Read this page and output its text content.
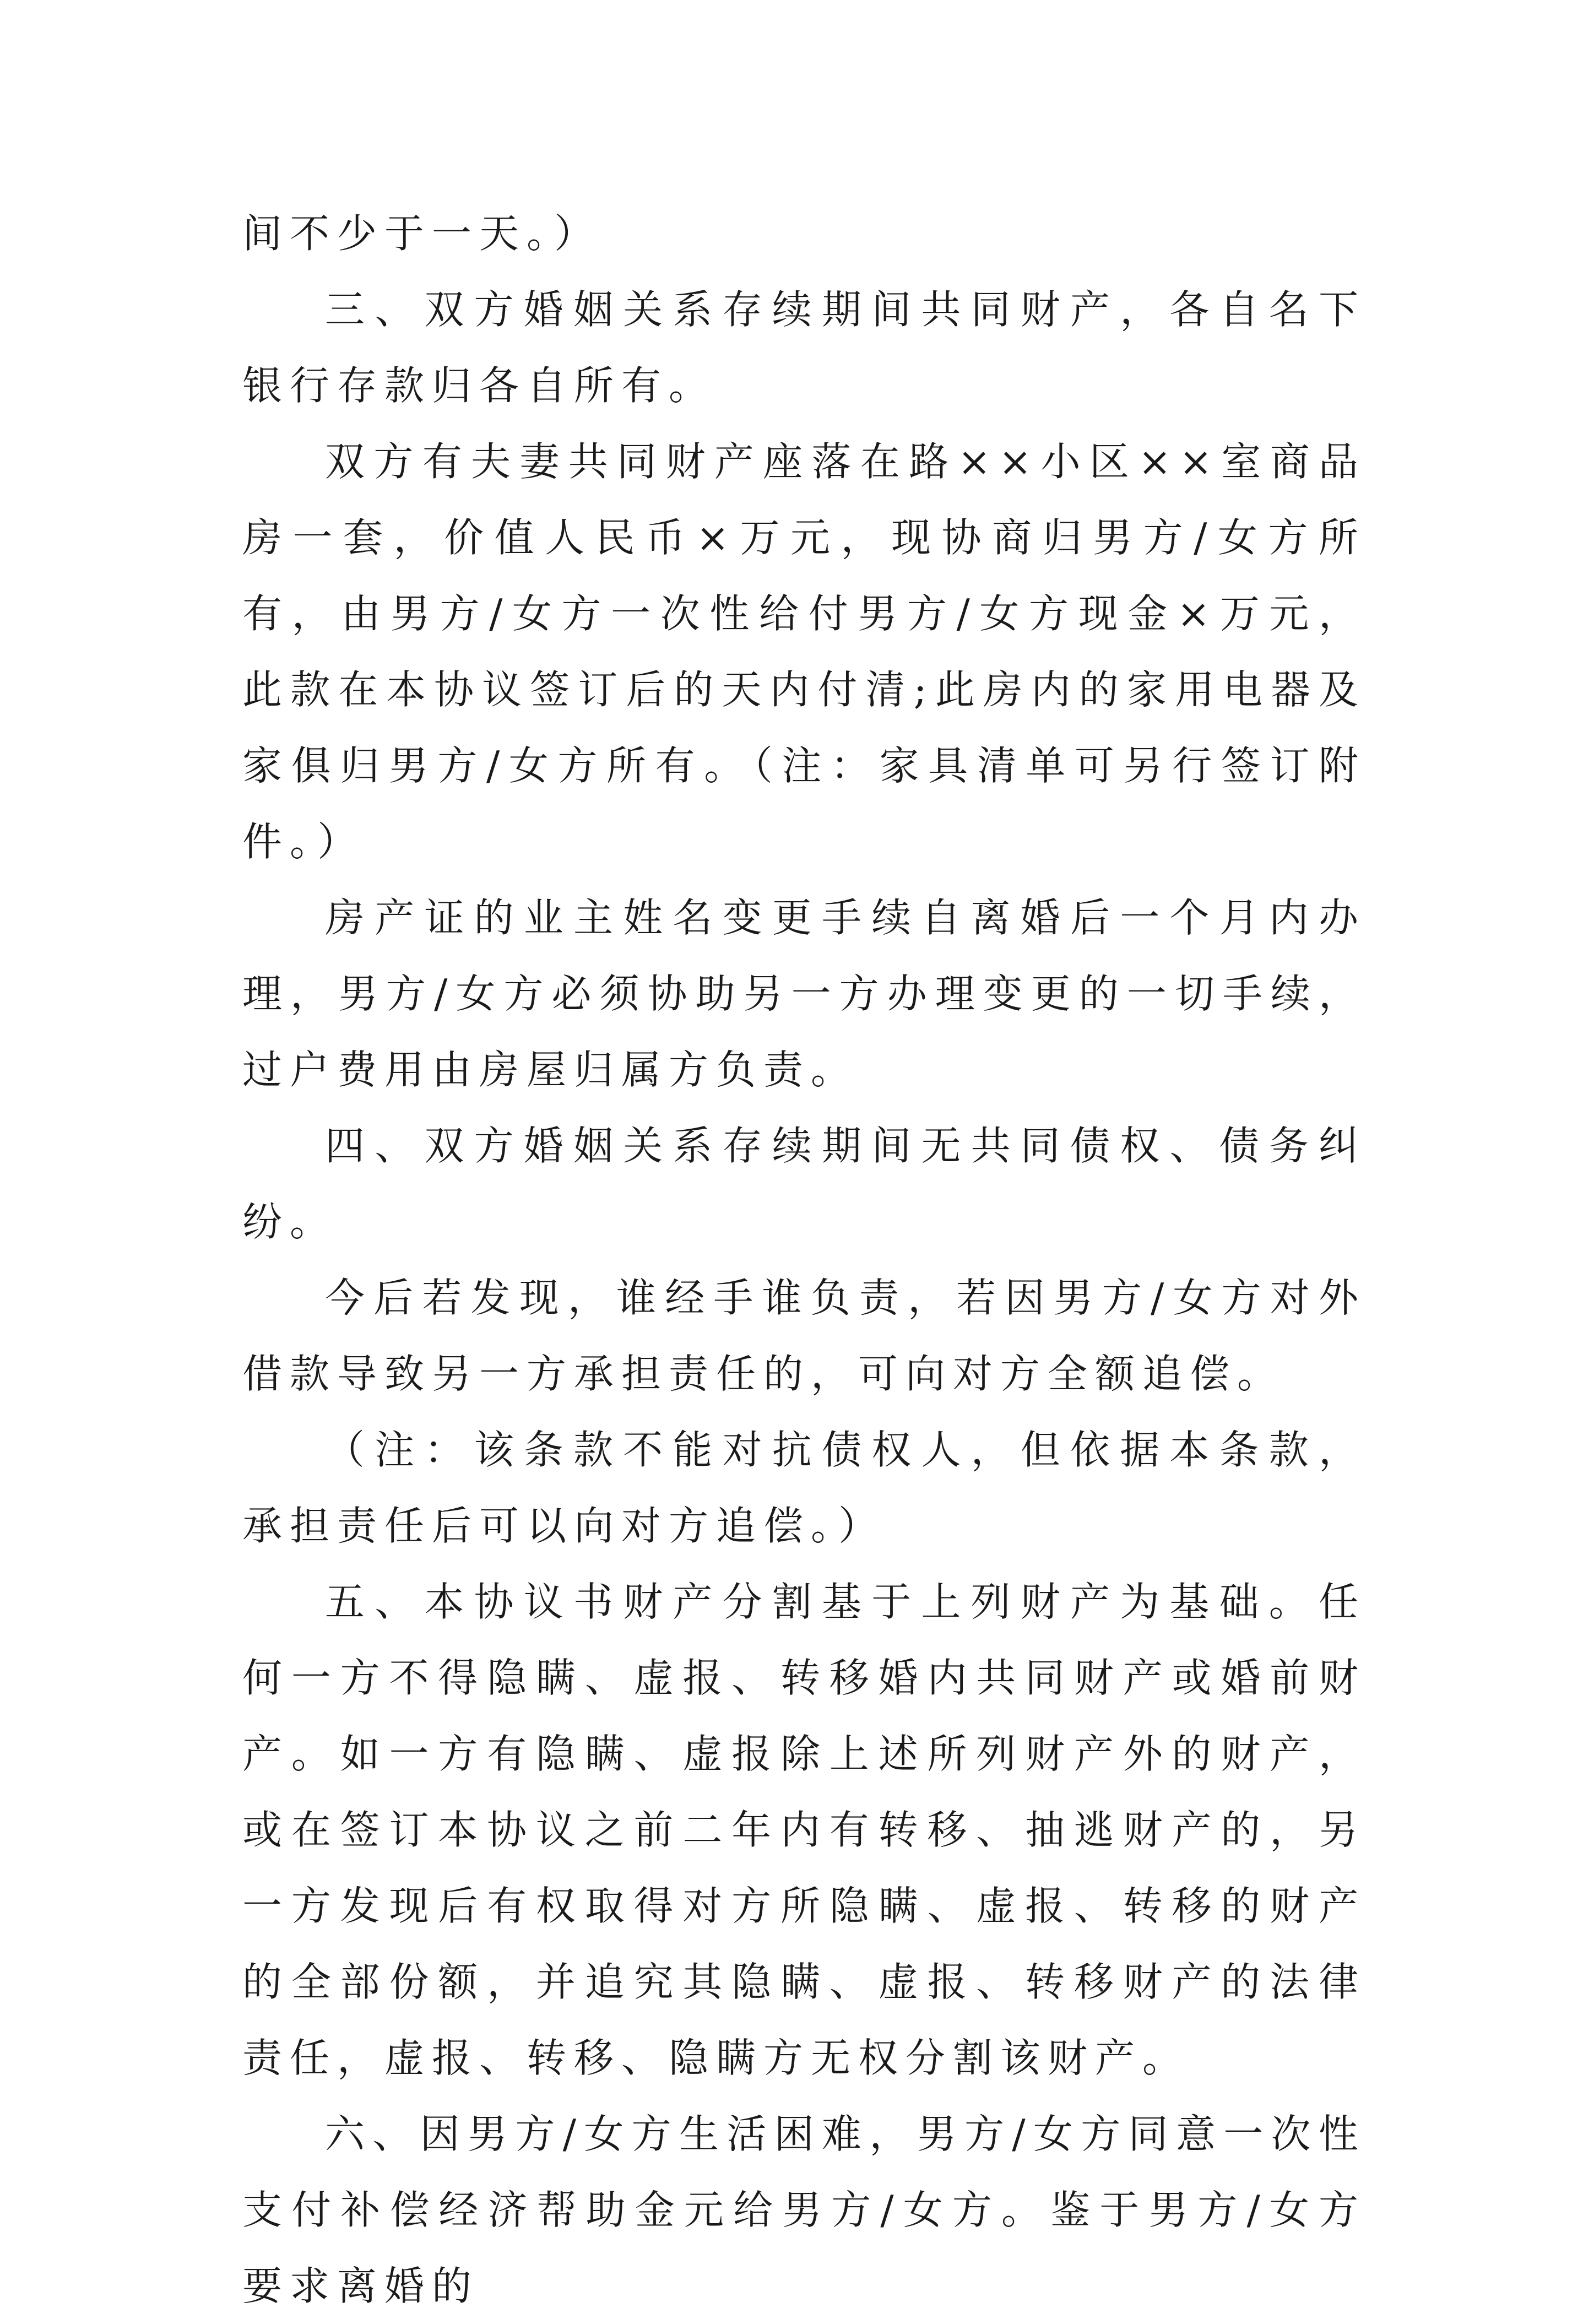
间不少于一天。）

三、双方婚姻关系存续期间共同财产，各自名下银行存款归各自所有。

双方有夫妻共同财产座落在路××小区××室商品房一套，价值人民币×万元，现协商归男方/女方所有，由男方/女方一次性给付男方/女方现金×万元，此款在本协议签订后的天内付清;此房内的家用电器及家俱归男方/女方所有。（注：家具清单可另行签订附件。）

房产证的业主姓名变更手续自离婚后一个月内办理，男方/女方必须协助另一方办理变更的一切手续，过户费用由房屋归属方负责。

四、双方婚姻关系存续期间无共同债权、债务纠纷。

今后若发现，谁经手谁负责，若因男方/女方对外借款导致另一方承担责任的，可向对方全额追偿。

（注：该条款不能对抗债权人，但依据本条款，承担责任后可以向对方追偿。）

五、本协议书财产分割基于上列财产为基础。任何一方不得隐瞒、虚报、转移婚内共同财产或婚前财产。如一方有隐瞒、虚报除上述所列财产外的财产，或在签订本协议之前二年内有转移、抽逃财产的，另一方发现后有权取得对方所隐瞒、虚报、转移的财产的全部份额，并追究其隐瞒、虚报、转移财产的法律责任，虚报、转移、隐瞒方无权分割该财产。

六、因男方/女方生活困难，男方/女方同意一次性支付补偿经济帮助金元给男方/女方。鉴于男方/女方要求离婚的
